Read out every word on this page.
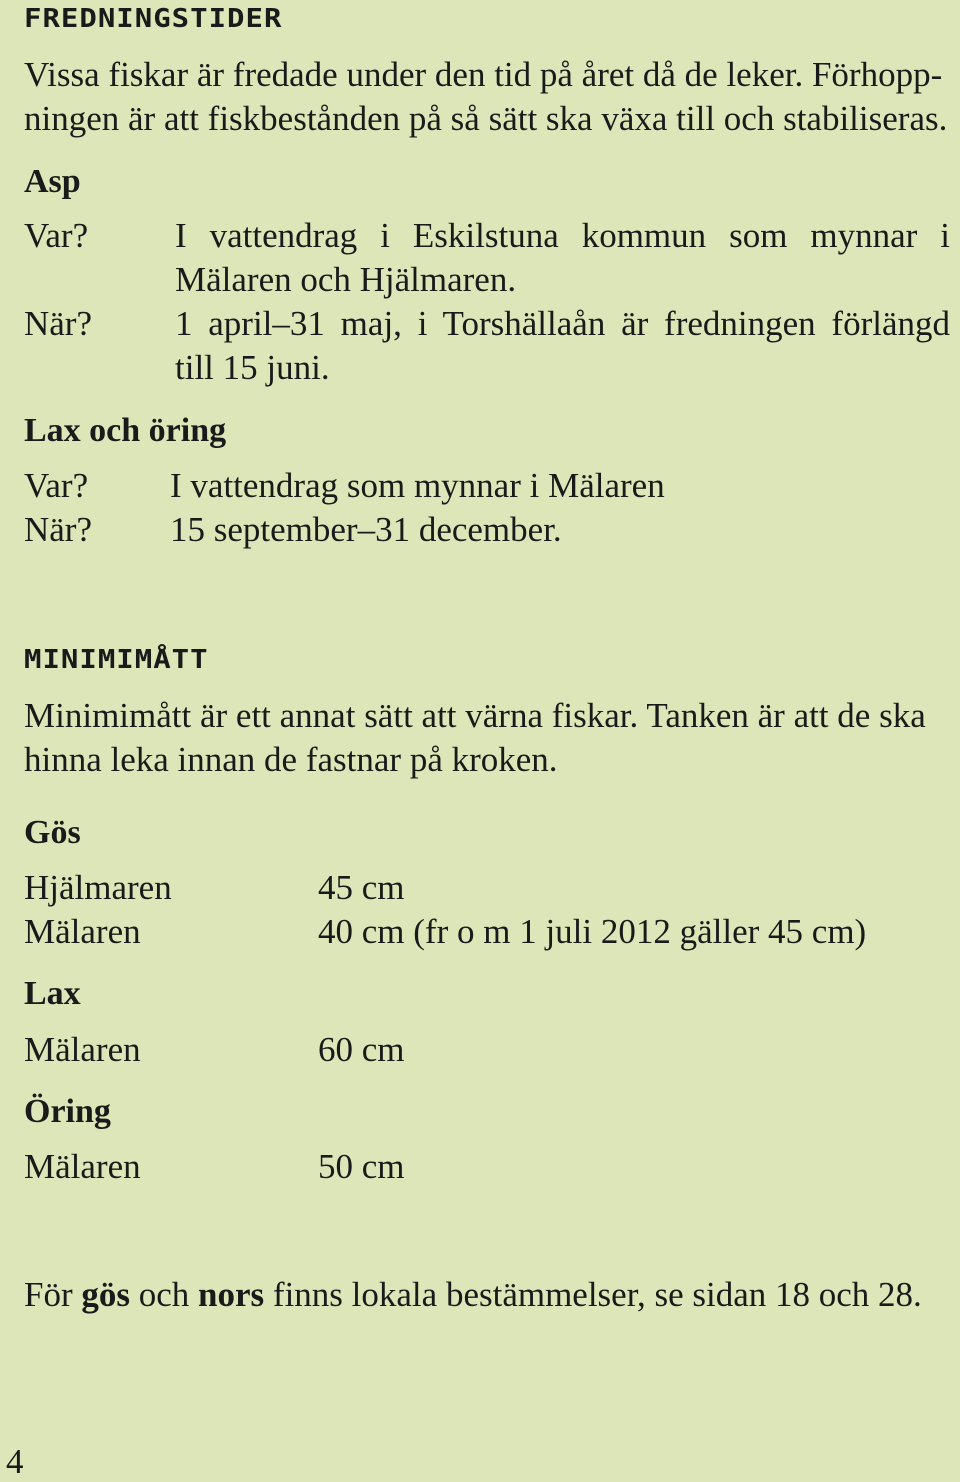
FREDNINGSTIDER
Vissa fiskar är fredade under den tid på året då de leker. Förhopp-
ningen är att fiskbestånden på så sätt ska växa till och stabiliseras.
Asp
Var? I vattendrag i Eskilstuna kommun som mynnar i
Mälaren och Hjälmaren.
När? 1 april–31 maj, i Torshällaån är fredningen förlängd
till 15 juni.
Lax och öring
Var? I vattendrag som mynnar i Mälaren
När? 15 september–31 december.
MINIMIMÅTT
Minimimått är ett annat sätt att värna fiskar. Tanken är att de ska
hinna leka innan de fastnar på kroken.
Gös
Hjälmaren	45 cm
Mälaren	40 cm (fr o m 1 juli 2012 gäller 45 cm)
Lax
Mälaren	60 cm
Öring
Mälaren	50 cm
För gös och nors finns lokala bestämmelser, se sidan 18 och 28.
4
